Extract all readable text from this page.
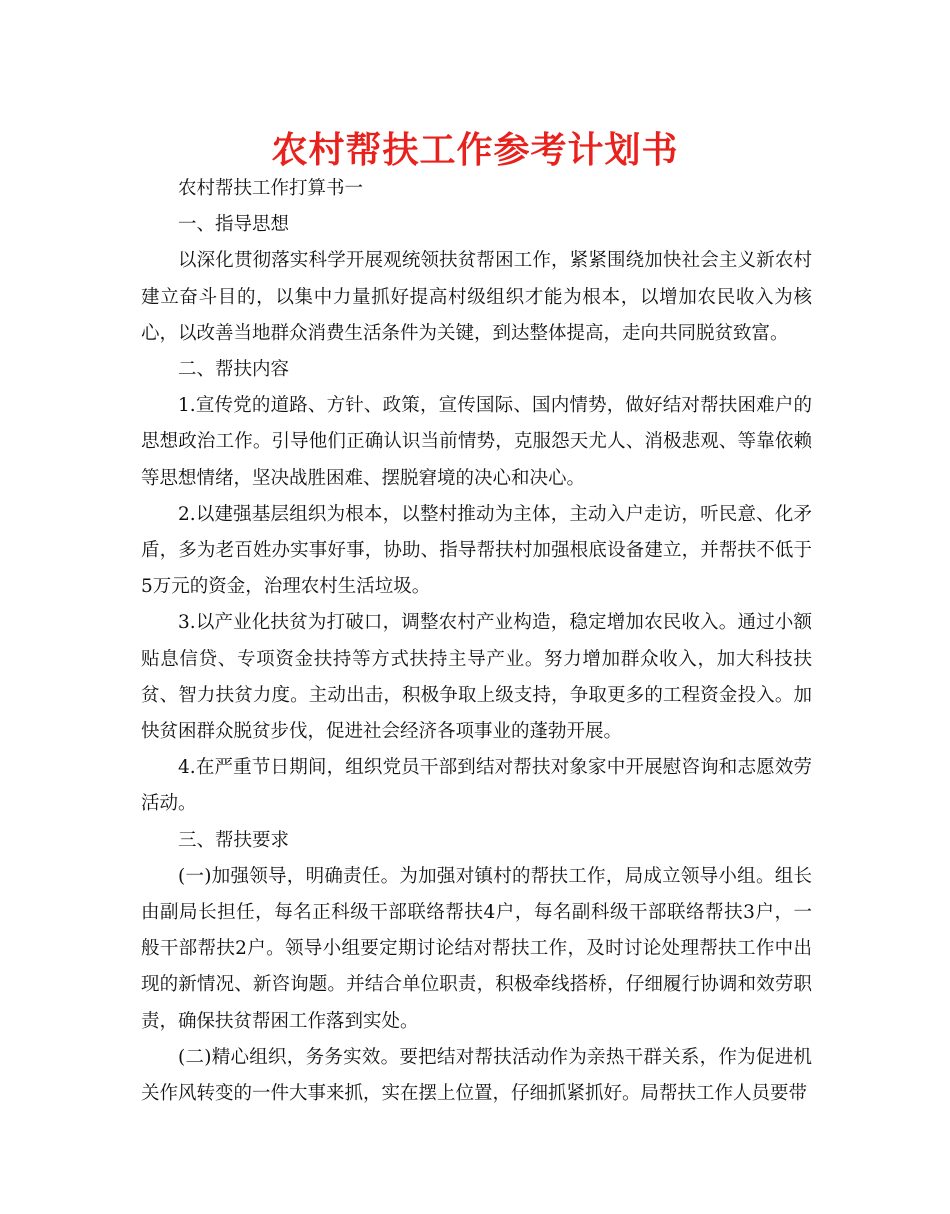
农村帮扶工作参考计划书

农村帮扶工作打算书一

一、指导思想

以深化贯彻落实科学开展观统领扶贫帮困工作，紧紧围绕加快社会主义新农村建立奋斗目的，以集中力量抓好提高村级组织才能为根本，以增加农民收入为核心，以改善当地群众消费生活条件为关键，到达整体提高，走向共同脱贫致富。

二、帮扶内容

1.宣传党的道路、方针、政策，宣传国际、国内情势，做好结对帮扶困难户的思想政治工作。引导他们正确认识当前情势，克服怨天尤人、消极悲观、等靠依赖等思想情绪，坚决战胜困难、摆脱窘境的决心和决心。

2.以建强基层组织为根本，以整村推动为主体，主动入户走访，听民意、化矛盾，多为老百姓办实事好事，协助、指导帮扶村加强根底设备建立，并帮扶不低于5万元的资金，治理农村生活垃圾。

3.以产业化扶贫为打破口，调整农村产业构造，稳定增加农民收入。通过小额贴息信贷、专项资金扶持等方式扶持主导产业。努力增加群众收入，加大科技扶贫、智力扶贫力度。主动出击，积极争取上级支持，争取更多的工程资金投入。加快贫困群众脱贫步伐，促进社会经济各项事业的蓬勃开展。

4.在严重节日期间，组织党员干部到结对帮扶对象家中开展慰咨询和志愿效劳活动。

三、帮扶要求

(一)加强领导，明确责任。为加强对镇村的帮扶工作，局成立领导小组。组长由副局长担任，每名正科级干部联络帮扶4户，每名副科级干部联络帮扶3户，一般干部帮扶2户。领导小组要定期讨论结对帮扶工作，及时讨论处理帮扶工作中出现的新情况、新咨询题。并结合单位职责，积极牵线搭桥，仔细履行协调和效劳职责，确保扶贫帮困工作落到实处。

(二)精心组织，务务实效。要把结对帮扶活动作为亲热干群关系，作为促进机关作风转变的一件大事来抓，实在摆上位置，仔细抓紧抓好。局帮扶工作人员要带
